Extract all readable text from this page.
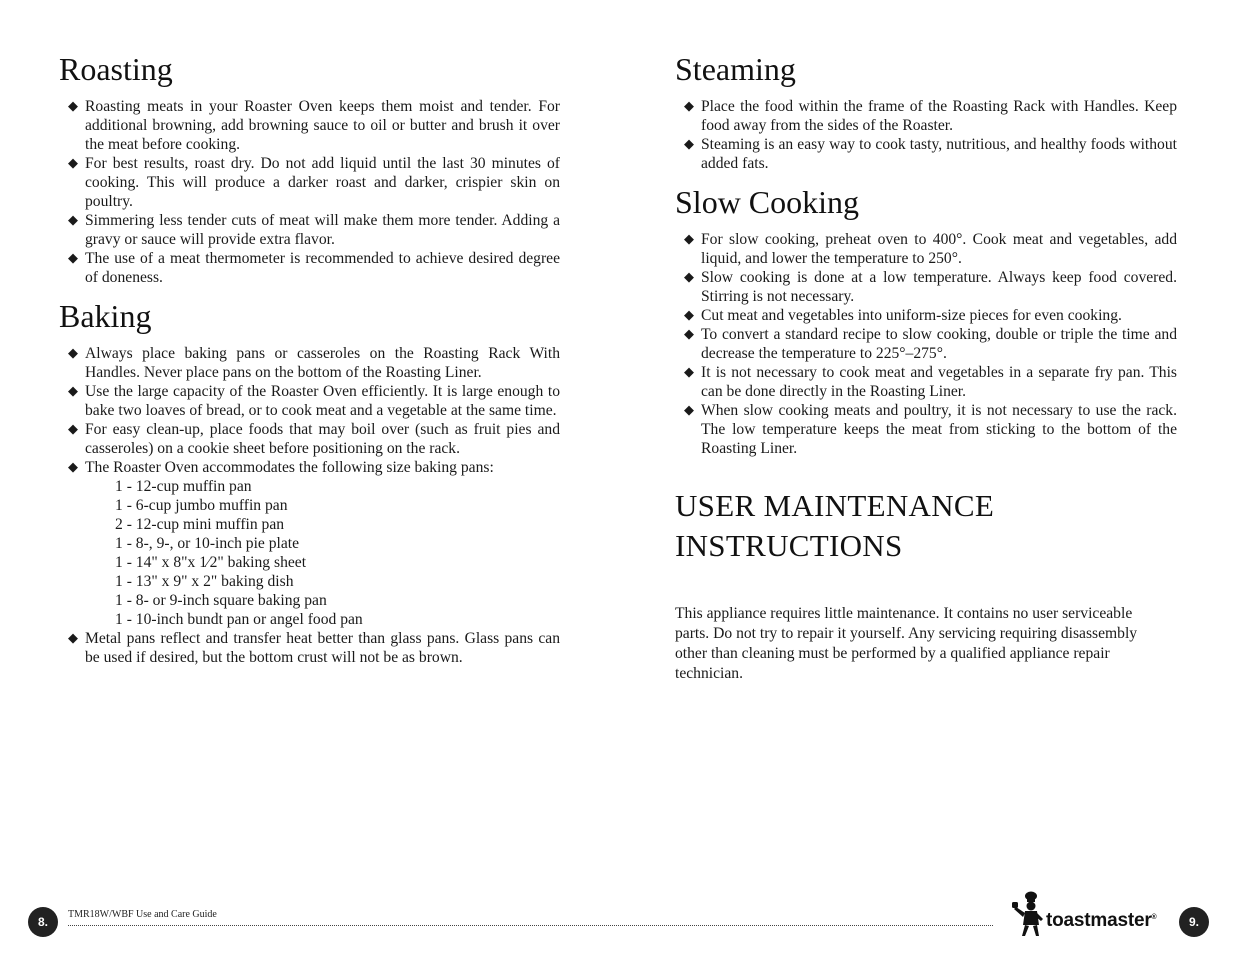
Roasting
◆ Roasting meats in your Roaster Oven keeps them moist and tender. For additional browning, add browning sauce to oil or butter and brush it over the meat before cooking.
◆ For best results, roast dry. Do not add liquid until the last 30 minutes of cooking. This will produce a darker roast and darker, crispier skin on poultry.
◆ Simmering less tender cuts of meat will make them more tender. Adding a gravy or sauce will provide extra flavor.
◆ The use of a meat thermometer is recommended to achieve desired degree of doneness.
Baking
◆ Always place baking pans or casseroles on the Roasting Rack With Handles. Never place pans on the bottom of the Roasting Liner.
◆ Use the large capacity of the Roaster Oven efficiently. It is large enough to bake two loaves of bread, or to cook meat and a vegetable at the same time.
◆ For easy clean-up, place foods that may boil over (such as fruit pies and casseroles) on a cookie sheet before positioning on the rack.
◆ The Roaster Oven accommodates the following size baking pans:
1 - 12-cup muffin pan
1 - 6-cup jumbo muffin pan
2 - 12-cup mini muffin pan
1 - 8-, 9-, or 10-inch pie plate
1 - 14" x 8"x 1⁄2" baking sheet
1 - 13" x 9" x 2" baking dish
1 - 8- or 9-inch square baking pan
1 - 10-inch bundt pan or angel food pan
◆ Metal pans reflect and transfer heat better than glass pans. Glass pans can be used if desired, but the bottom crust will not be as brown.
Steaming
◆ Place the food within the frame of the Roasting Rack with Handles. Keep food away from the sides of the Roaster.
◆ Steaming is an easy way to cook tasty, nutritious, and healthy foods without added fats.
Slow Cooking
◆ For slow cooking, preheat oven to 400°. Cook meat and vegetables, add liquid, and lower the temperature to 250°.
◆ Slow cooking is done at a low temperature. Always keep food covered. Stirring is not necessary.
◆ Cut meat and vegetables into uniform-size pieces for even cooking.
◆ To convert a standard recipe to slow cooking, double or triple the time and decrease the temperature to 225°–275°.
◆ It is not necessary to cook meat and vegetables in a separate fry pan. This can be done directly in the Roasting Liner.
◆ When slow cooking meats and poultry, it is not necessary to use the rack. The low temperature keeps the meat from sticking to the bottom of the Roasting Liner.
USER MAINTENANCE
INSTRUCTIONS

This appliance requires little maintenance. It contains no user serviceable parts. Do not try to repair it yourself. Any servicing requiring disassembly other than cleaning must be performed by a qualified appliance repair technician.

8.
TMR18W/WBF Use and Care Guide	toastmaster®	9.
